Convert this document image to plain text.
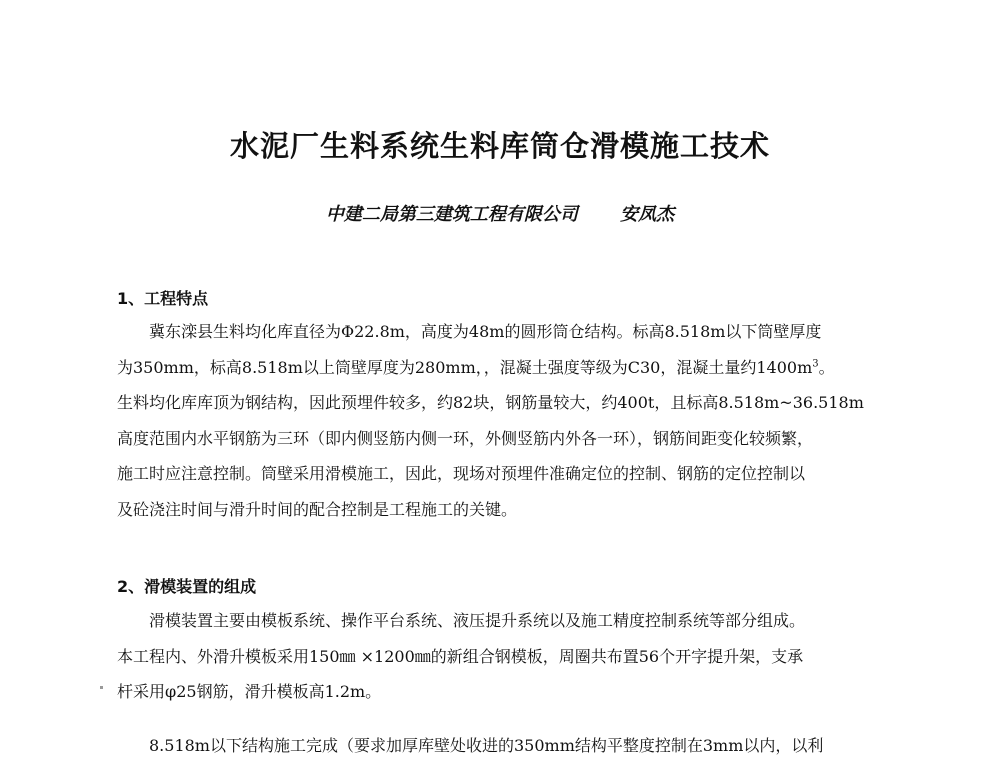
水泥厂生料系统生料库筒仓滑模施工技术
中建二局第三建筑工程有限公司 安凤杰
1、工程特点
冀东滦县生料均化库直径为Φ22.8m，高度为48m的圆形筒仓结构。标高8.518m以下筒壁厚度
为350mm，标高8.518m以上筒壁厚度为280mm，，混凝土强度等级为C30，混凝土量约$1400m^3$。
生料均化库库顶为钢结构，因此预埋件较多，约82块，钢筋量较大，约400t，且标高8.518m~36.518m
高度范围内水平钢筋为三环（即内侧竖筋内侧一环，外侧竖筋内外各一环），钢筋间距变化较频繁，
施工时应注意控制。筒壁采用滑模施工，因此，现场对预埋件准确定位的控制、钢筋的定位控制以
及砼浇注时间与滑升时间的配合控制是工程施工的关键。
2、滑模装置的组成
滑模装置主要由模板系统、操作平台系统、液压提升系统以及施工精度控制系统等部分组成。
本工程内、外滑升模板采用150㎜ ×1200㎜的新组合钢模板，周圈共布置56个开字提升架，支承
杆采用φ25钢筋，滑升模板高1.2m。
8.518m以下结构施工完成（要求加厚库壁处收进的350mm结构平整度控制在3mm以内，以利
